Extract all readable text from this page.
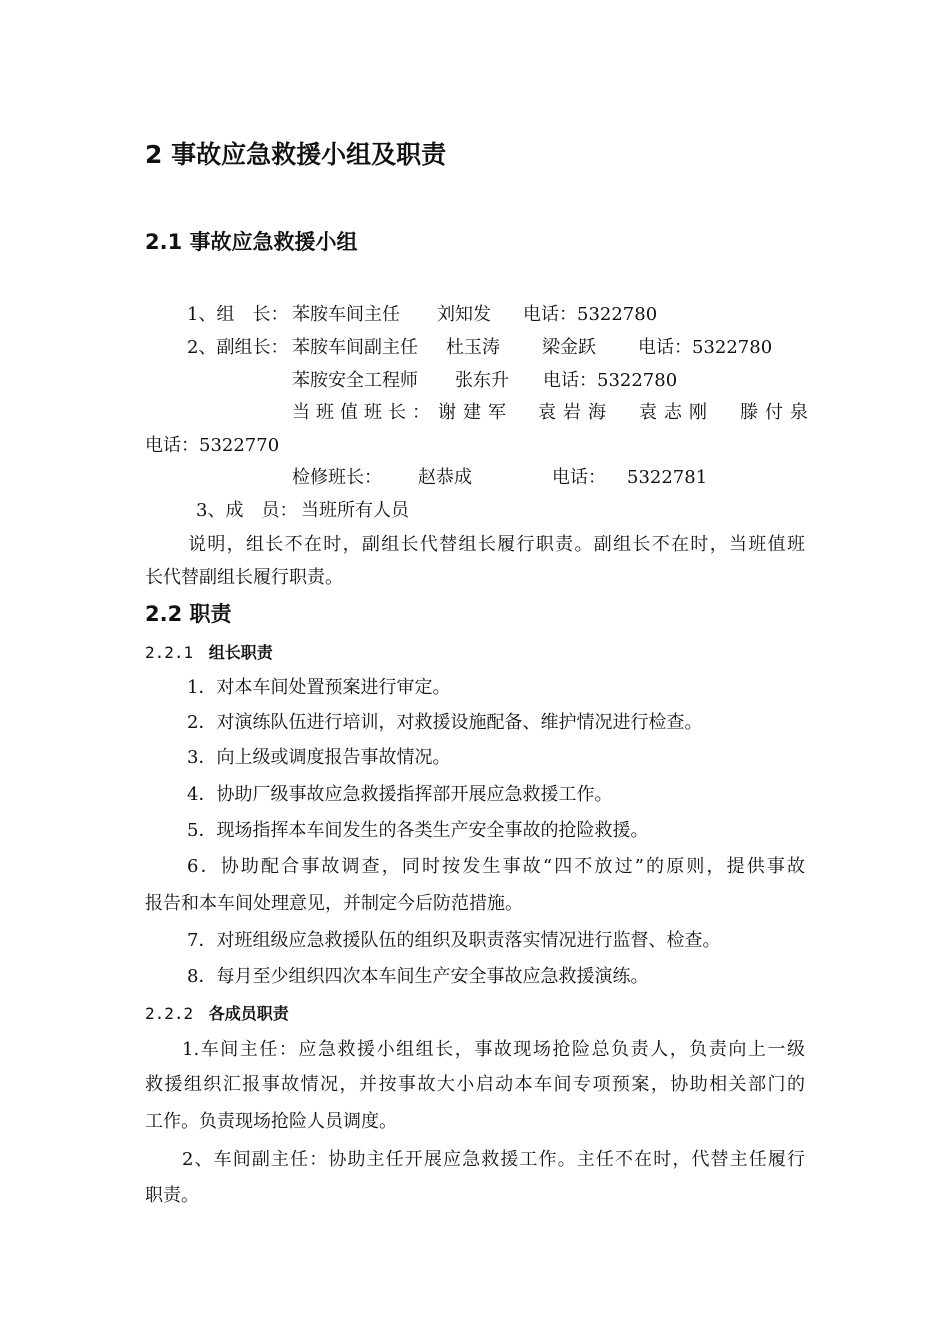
2 事故应急救援小组及职责
2.1 事故应急救援小组
1、组　长： 苯胺车间主任 刘知发 电话：5322780
2、副组长： 苯胺车间副主任 杜玉涛 梁金跃 电话：5322780
苯胺安全工程师 张东升 电话：5322780
当班值班长： 谢建军 袁岩海 袁志刚 滕付泉
电话：5322770
检修班长： 赵恭成	电话： 5322781
3、成　员： 当班所有人员
说明，组长不在时，副组长代替组长履行职责。副组长不在时，当班值班
长代替副组长履行职责。
2.2 职责
2.2.1 组长职责
1．对本车间处置预案进行审定。
2．对演练队伍进行培训，对救援设施配备、维护情况进行检查。
3．向上级或调度报告事故情况。
4．协助厂级事故应急救援指挥部开展应急救援工作。
5．现场指挥本车间发生的各类生产安全事故的抢险救援。
6．协助配合事故调查，同时按发生事故“四不放过”的原则，提供事故
报告和本车间处理意见，并制定今后防范措施。
7．对班组级应急救援队伍的组织及职责落实情况进行监督、检查。
8．每月至少组织四次本车间生产安全事故应急救援演练。
2.2.2 各成员职责
1.车间主任：应急救援小组组长，事故现场抢险总负责人，负责向上一级
救援组织汇报事故情况，并按事故大小启动本车间专项预案，协助相关部门的
工作。负责现场抢险人员调度。
2、车间副主任：协助主任开展应急救援工作。主任不在时，代替主任履行
职责。
